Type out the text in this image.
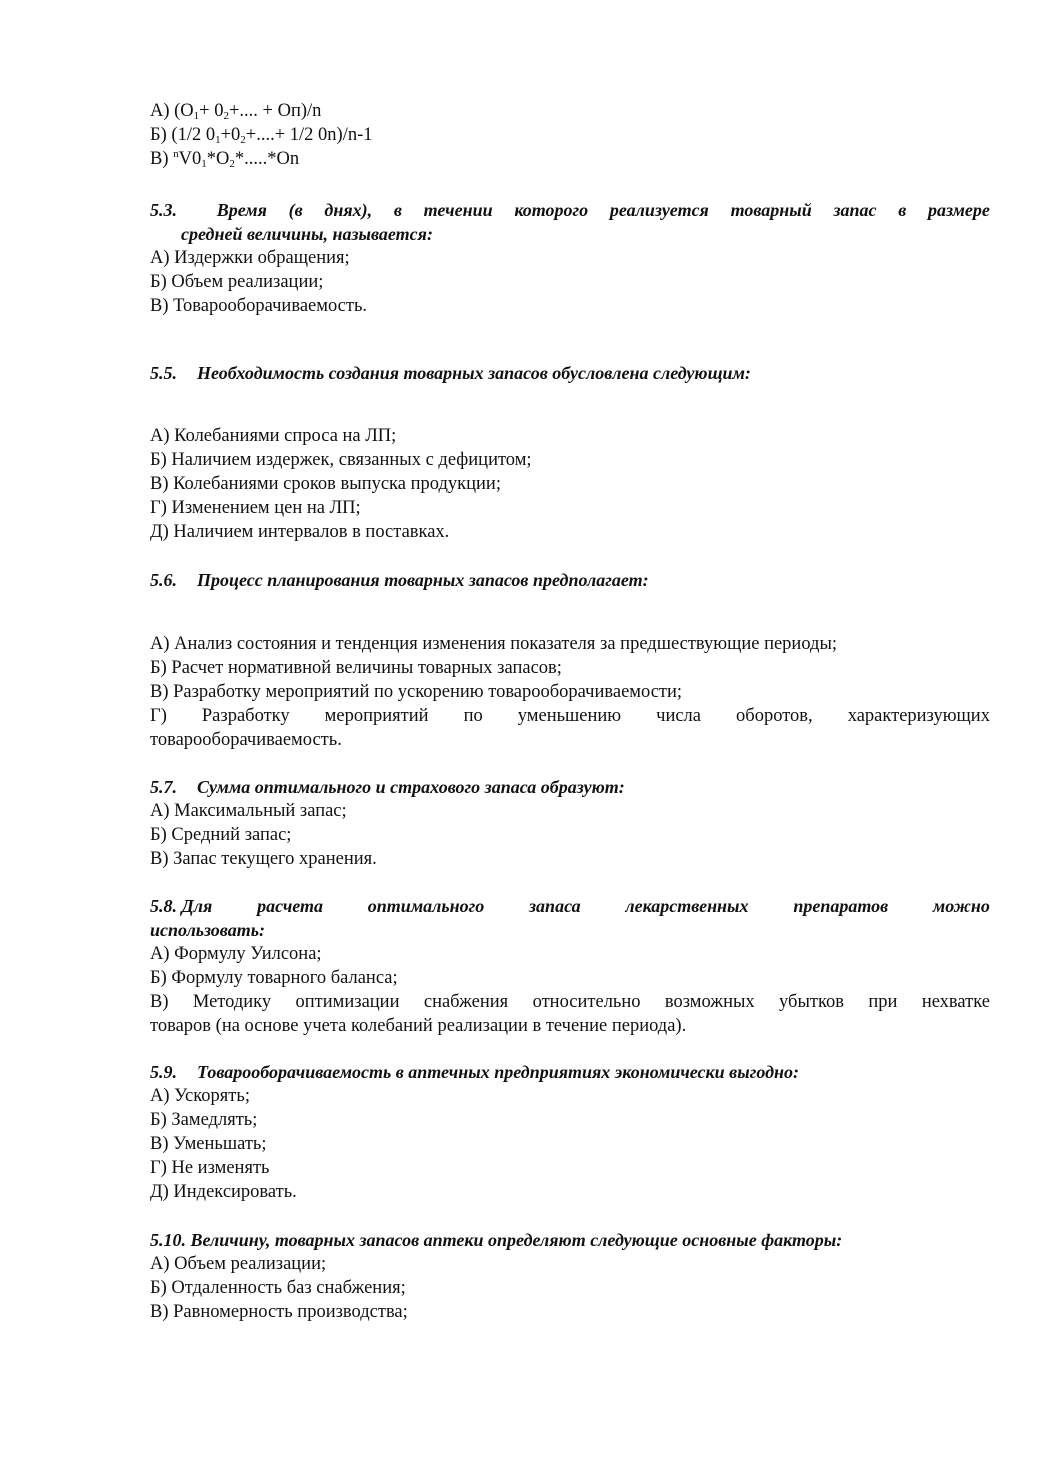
А) ($O_1+ 0_2+$.... + Oп)/n
Б) (1/2 $0_1+0_2+....+ 1/2$ 0n)/n-1
В) $^nV0_1*O_2*.....*On$
5.3. Время (в днях), в течении которого реализуется товарный запас в размере
средней величины, называется:
А) Издержки обращения;
Б) Объем реализации;
В) Товарооборачиваемость.
5.5. Необходимость создания товарных запасов обусловлена следующим:
А) Колебаниями спроса на ЛП;
Б) Наличием издержек, связанных с дефицитом;
В) Колебаниями сроков выпуска продукции;
Г) Изменением цен на ЛП;
Д) Наличием интервалов в поставках.
5.6. Процесс планирования товарных запасов предполагает:
А) Анализ состояния и тенденция изменения показателя за предшествующие периоды;
Б) Расчет нормативной величины товарных запасов;
В) Разработку мероприятий по ускорению товарооборачиваемости;
Г) Разработку мероприятий по уменьшению числа оборотов, характеризующих
товарооборачиваемость.
5.7. Сумма оптимального и страхового запаса образуют:
А) Максимальный запас;
Б) Средний запас;
В) Запас текущего хранения.
5.8. Для расчета оптимального запаса лекарственных препаратов можно
использовать:
А) Формулу Уилсона;
Б) Формулу товарного баланса;
В) Методику оптимизации снабжения относительно возможных убытков при нехватке
товаров (на основе учета колебаний реализации в течение периода).
5.9. Товарооборачиваемость в аптечных предприятиях экономически выгодно:
А) Ускорять;
Б) Замедлять;
В) Уменьшать;
Г) Не изменять
Д) Индексировать.
5.10. Величину, товарных запасов аптеки определяют следующие основные факторы:
А) Объем реализации;
Б) Отдаленность баз снабжения;
В) Равномерность производства;
